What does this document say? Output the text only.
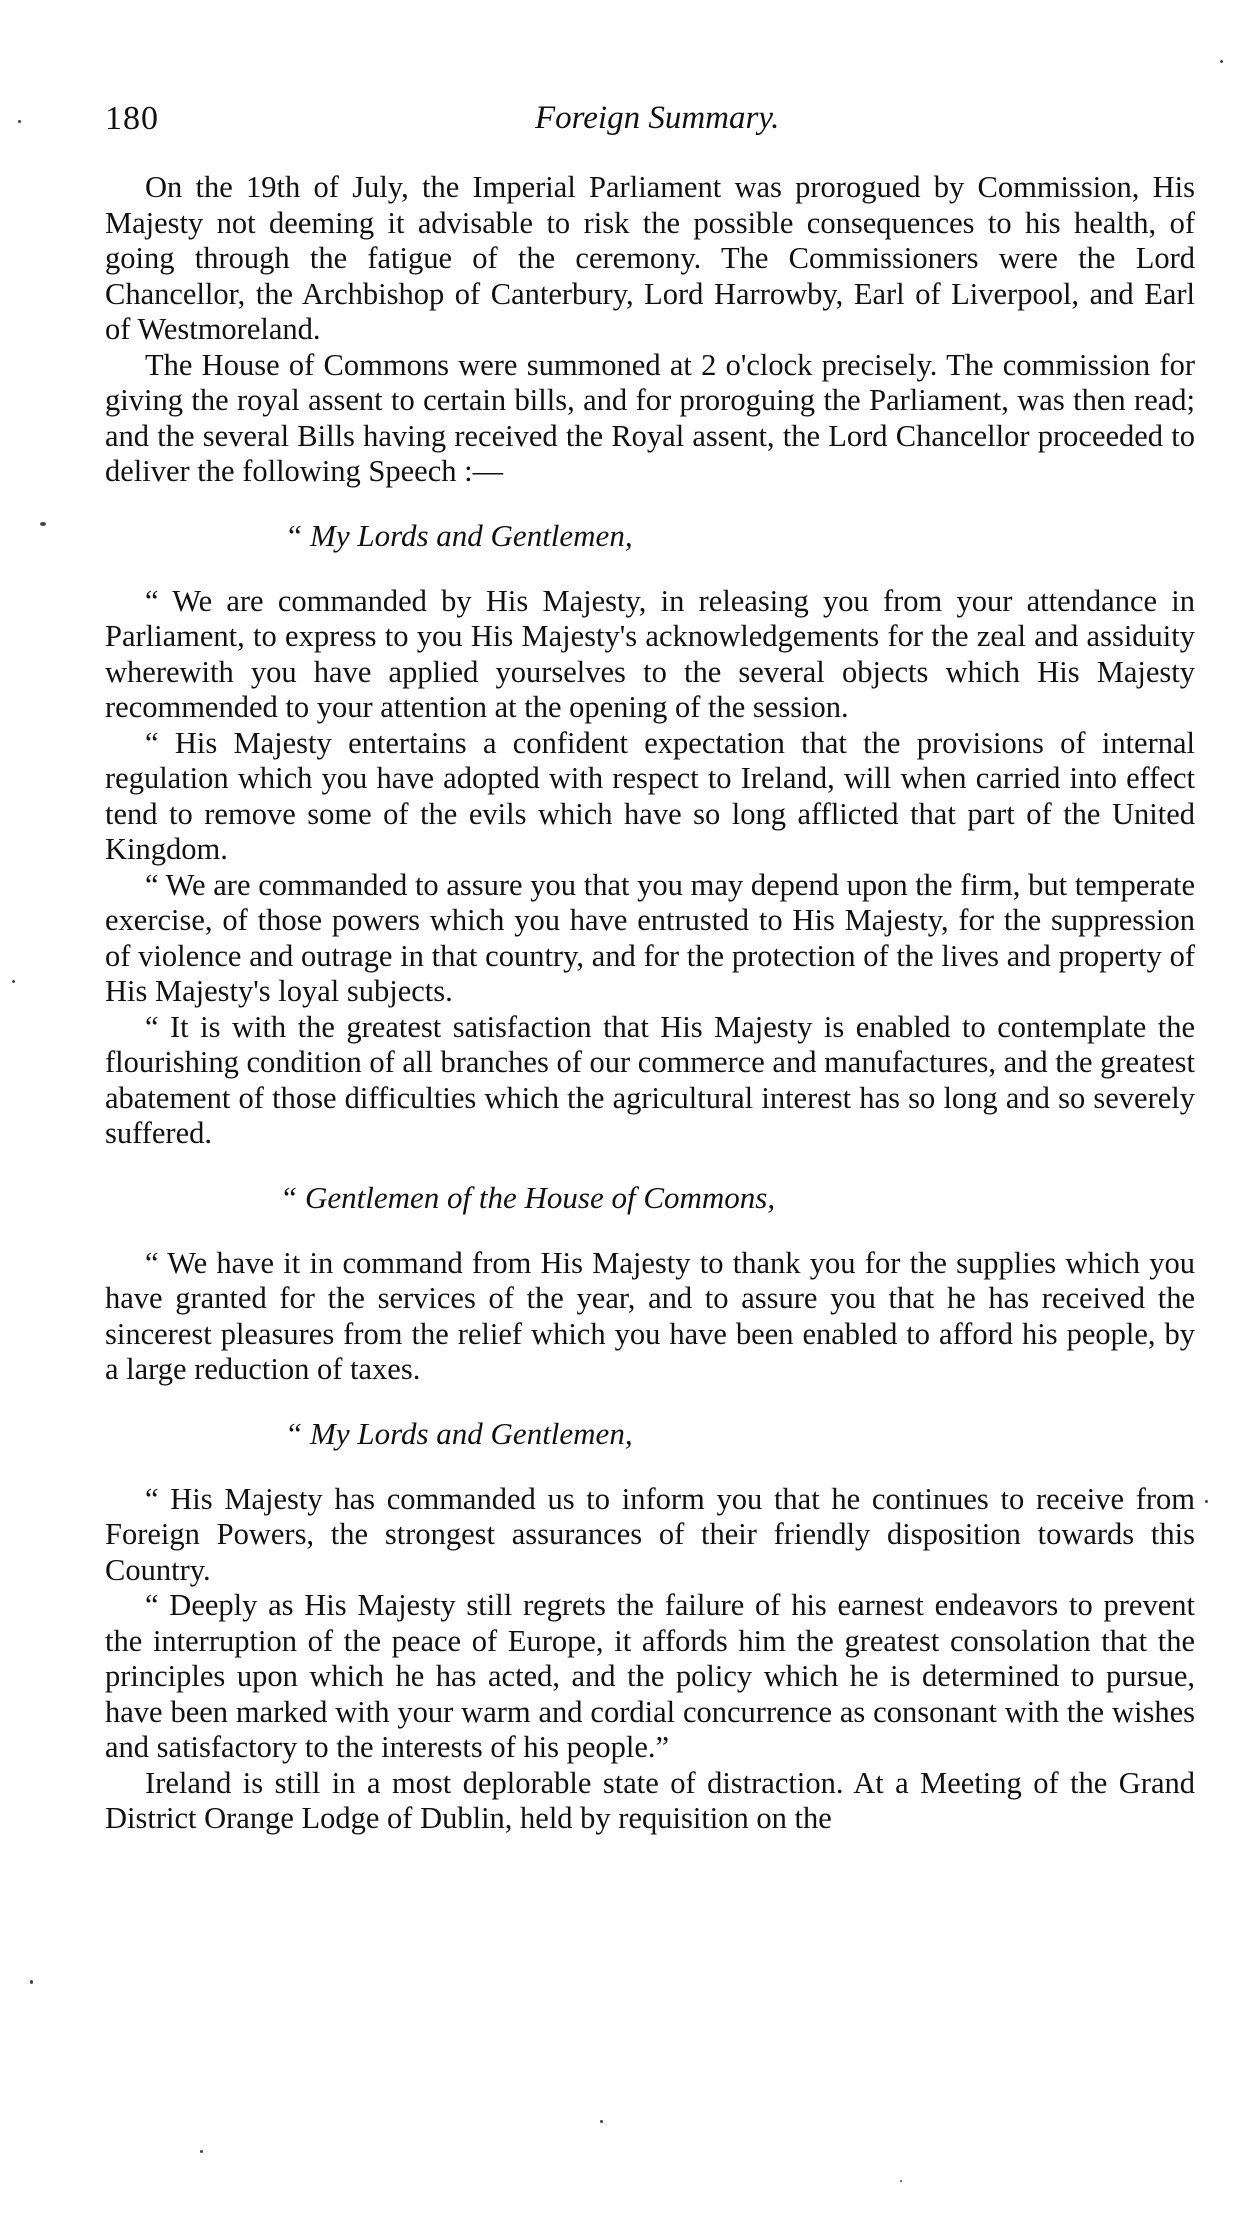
180	Foreign Summary.

On the 19th of July, the Imperial Parliament was prorogued by Commission, His Majesty not deeming it advisable to risk the possible consequences to his health, of going through the fatigue of the ceremony. The Commissioners were the Lord Chancellor, the Archbishop of Canterbury, Lord Harrowby, Earl of Liverpool, and Earl of Westmoreland.

The House of Commons were summoned at 2 o'clock precisely. The commission for giving the royal assent to certain bills, and for proroguing the Parliament, was then read; and the several Bills having received the Royal assent, the Lord Chancellor proceeded to deliver the following Speech :—

“ My Lords and Gentlemen,

“ We are commanded by His Majesty, in releasing you from your attendance in Parliament, to express to you His Majesty's acknowledgements for the zeal and assiduity wherewith you have applied yourselves to the several objects which His Majesty recommended to your attention at the opening of the session.

“ His Majesty entertains a confident expectation that the provisions of internal regulation which you have adopted with respect to Ireland, will when carried into effect tend to remove some of the evils which have so long afflicted that part of the United Kingdom.

“ We are commanded to assure you that you may depend upon the firm, but temperate exercise, of those powers which you have entrusted to His Majesty, for the suppression of violence and outrage in that country, and for the protection of the lives and property of His Majesty's loyal subjects.

“ It is with the greatest satisfaction that His Majesty is enabled to contemplate the flourishing condition of all branches of our commerce and manufactures, and the greatest abatement of those difficulties which the agricultural interest has so long and so severely suffered.

“ Gentlemen of the House of Commons,

“ We have it in command from His Majesty to thank you for the supplies which you have granted for the services of the year, and to assure you that he has received the sincerest pleasures from the relief which you have been enabled to afford his people, by a large reduction of taxes.

“ My Lords and Gentlemen,

“ His Majesty has commanded us to inform you that he continues to receive from Foreign Powers, the strongest assurances of their friendly disposition towards this Country.

“ Deeply as His Majesty still regrets the failure of his earnest endeavors to prevent the interruption of the peace of Europe, it affords him the greatest consolation that the principles upon which he has acted, and the policy which he is determined to pursue, have been marked with your warm and cordial concurrence as consonant with the wishes and satisfactory to the interests of his people.”

Ireland is still in a most deplorable state of distraction. At a Meeting of the Grand District Orange Lodge of Dublin, held by requisition on the
